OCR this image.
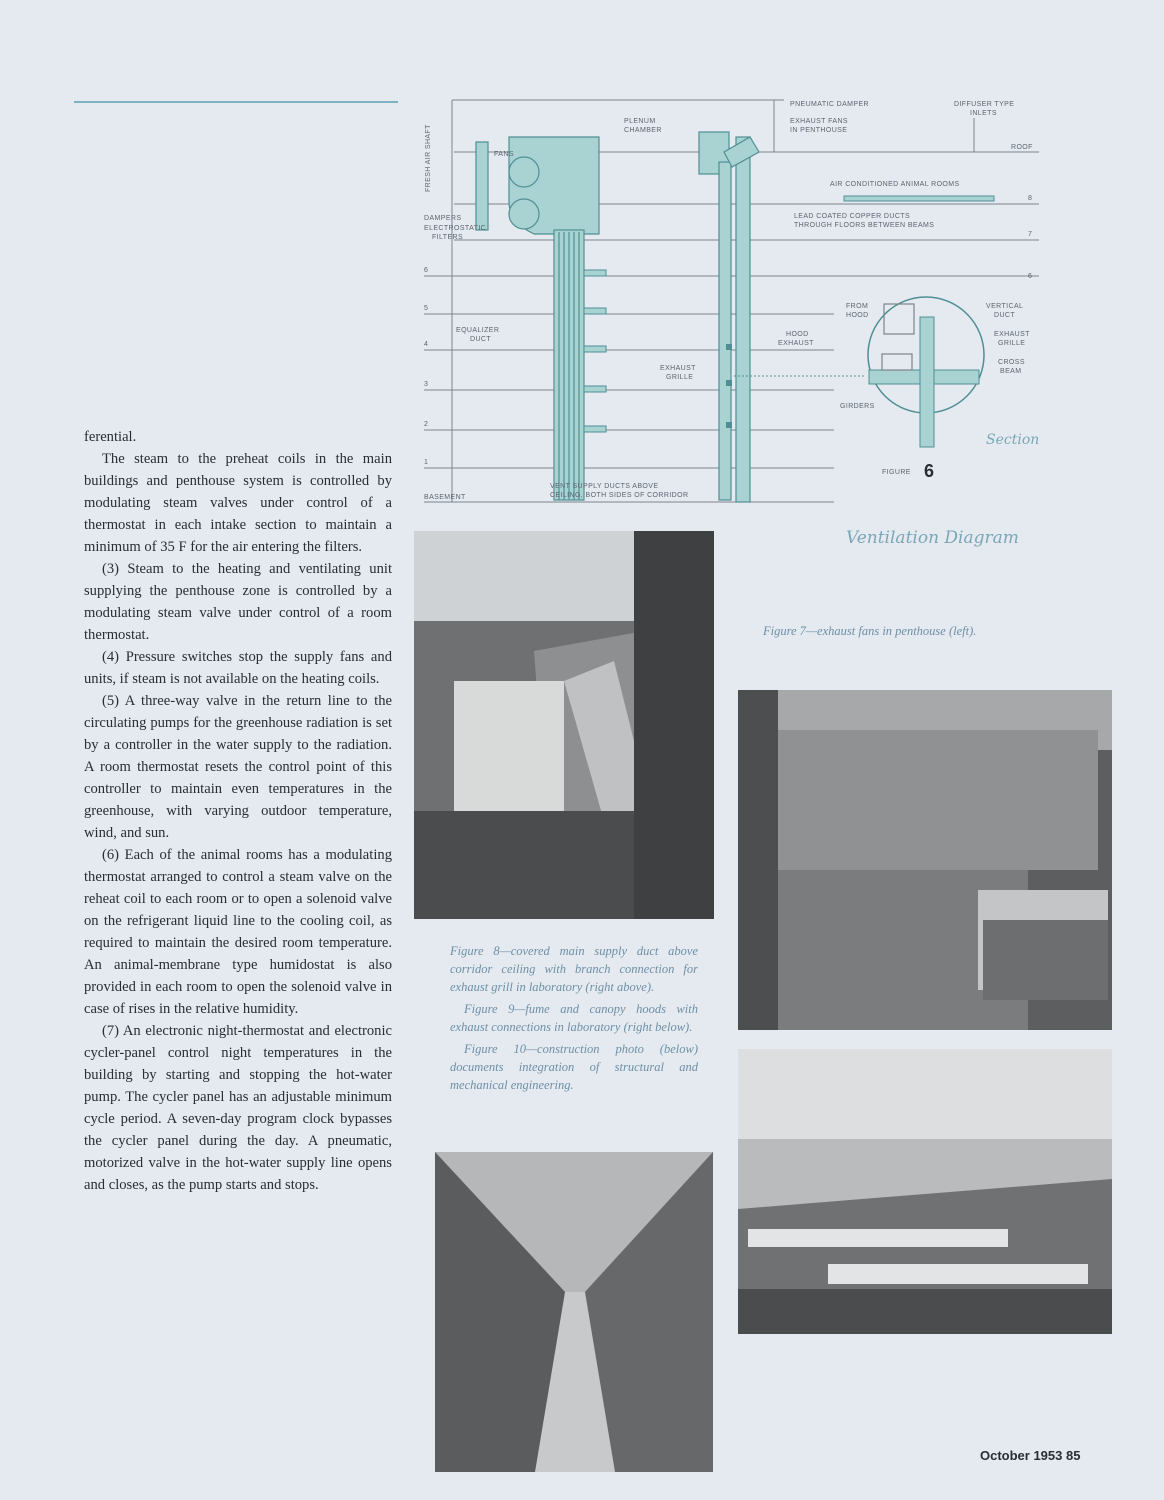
ferential.

The steam to the preheat coils in the main buildings and penthouse system is controlled by modulating steam valves under control of a thermostat in each intake section to maintain a minimum of 35 F for the air entering the filters.

(3) Steam to the heating and ventilating unit supplying the penthouse zone is controlled by a modulating steam valve under control of a room thermostat.

(4) Pressure switches stop the supply fans and units, if steam is not available on the heating coils.

(5) A three-way valve in the return line to the circulating pumps for the greenhouse radiation is set by a controller in the water supply to the radiation. A room thermostat resets the control point of this controller to maintain even temperatures in the greenhouse, with varying outdoor temperature, wind, and sun.

(6) Each of the animal rooms has a modulating thermostat arranged to control a steam valve on the reheat coil to each room or to open a solenoid valve on the refrigerant liquid line to the cooling coil, as required to maintain the desired room temperature. An animal-membrane type humidostat is also provided in each room to open the solenoid valve in case of rises in the relative humidity.

(7) An electronic night-thermostat and electronic cycler-panel control night temperatures in the building by starting and stopping the hot-water pump. The cycler panel has an adjustable minimum cycle period. A seven-day program clock bypasses the cycler panel during the day. A pneumatic, motorized valve in the hot-water supply line opens and closes, as the pump starts and stops.

FRESH AIR SHAFT	FANS
PLENUM
CHAMBER
DAMPERS
ELECTROSTATIC
FILTERS
PNEUMATIC DAMPER
EXHAUST FANS
IN PENTHOUSE
DIFFUSER TYPE
INLETS
ROOF
AIR CONDITIONED ANIMAL ROOMS
LEAD COATED COPPER DUCTS
THROUGH FLOORS BETWEEN BEAMS
EQUALIZER
DUCT
HOOD
EXHAUST
EXHAUST
GRILLE
VENT SUPPLY DUCTS ABOVE
CEILING, BOTH SIDES OF CORRIDOR
BASEMENT
FROM
HOOD
VERTICAL
DUCT
EXHAUST
GRILLE
CROSS
BEAM
GIRDERS
Section
FIGURE 6
8
7
6
6
5
4
3
2
1
Ventilation Diagram
Figure 7—exhaust fans in penthouse (left).

Figure 8—covered main supply duct above corridor ceiling with branch connection for exhaust grill in laboratory (right above).

Figure 9—fume and canopy hoods with exhaust connections in laboratory (right below).

Figure 10—construction photo (below) documents integration of structural and mechanical engineering.

October 1953 85
